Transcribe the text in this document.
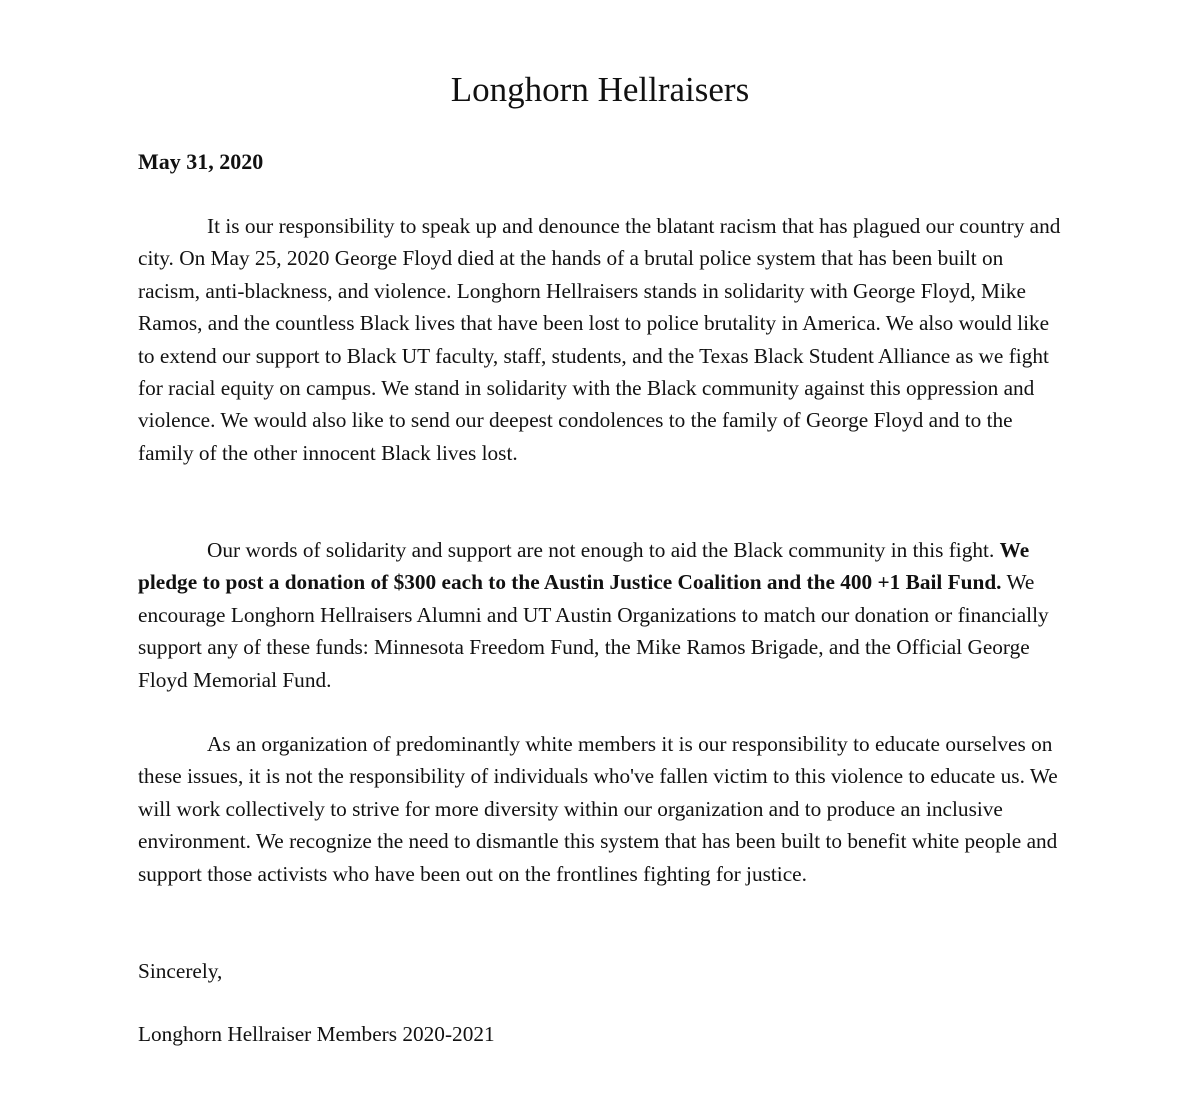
Longhorn Hellraisers

May 31, 2020

It is our responsibility to speak up and denounce the blatant racism that has plagued our country and city. On May 25, 2020 George Floyd died at the hands of a brutal police system that has been built on racism, anti-blackness, and violence. Longhorn Hellraisers stands in solidarity with George Floyd, Mike Ramos, and the countless Black lives that have been lost to police brutality in America. We also would like to extend our support to Black UT faculty, staff, students, and the Texas Black Student Alliance as we fight for racial equity on campus. We stand in solidarity with the Black community against this oppression and violence. We would also like to send our deepest condolences to the family of George Floyd and to the family of the other innocent Black lives lost.

Our words of solidarity and support are not enough to aid the Black community in this fight. We pledge to post a donation of $300 each to the Austin Justice Coalition and the 400 +1 Bail Fund. We encourage Longhorn Hellraisers Alumni and UT Austin Organizations to match our donation or financially support any of these funds: Minnesota Freedom Fund, the Mike Ramos Brigade, and the Official George Floyd Memorial Fund.

As an organization of predominantly white members it is our responsibility to educate ourselves on these issues, it is not the responsibility of individuals who've fallen victim to this violence to educate us. We will work collectively to strive for more diversity within our organization and to produce an inclusive environment. We recognize the need to dismantle this system that has been built to benefit white people and support those activists who have been out on the frontlines fighting for justice.

Sincerely,

Longhorn Hellraiser Members 2020-2021
